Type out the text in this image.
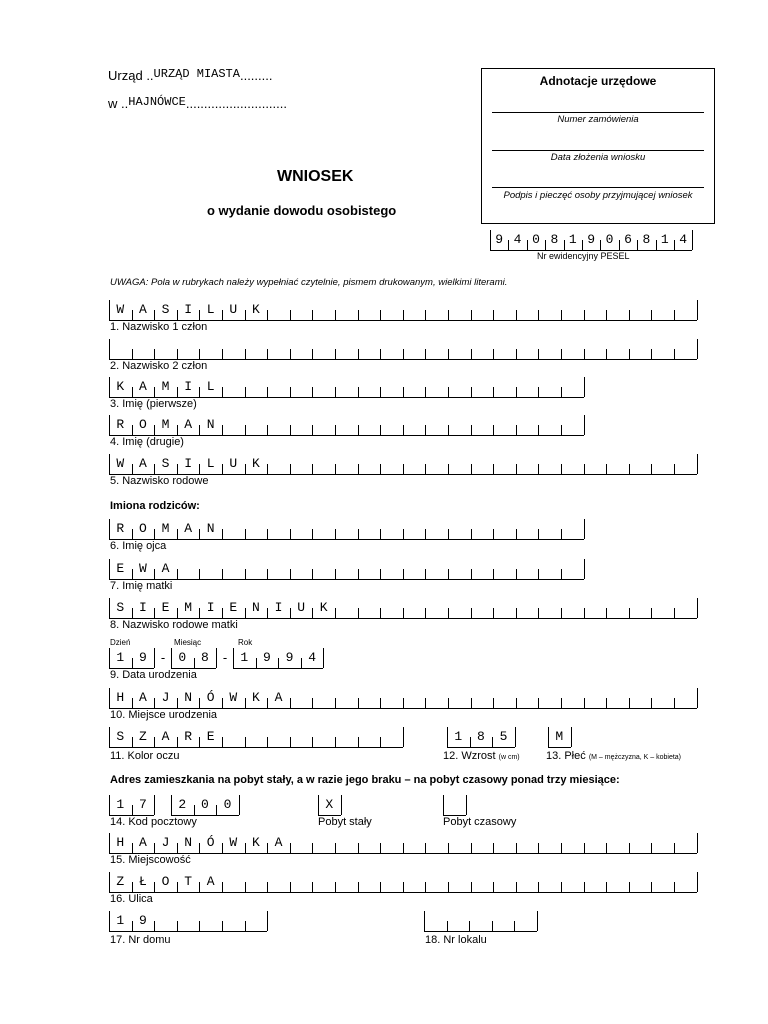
Urząd ..URZĄD MIASTA.........
w ..HAJNÓWCE............................
WNIOSEK
o wydanie dowodu osobistego
Adnotacje urzędowe
Numer zamówienia
Data złożenia wniosku
Podpis i pieczęć osoby przyjmującej wniosek
9 4 0 8 1 9 0 6 8 1 4
Nr ewidencyjny PESEL
UWAGA: Pola w rubrykach należy wypełniać czytelnie, pismem drukowanym, wielkimi literami.
W	A	S	I	L	U	K
1. Nazwisko 1 człon
2. Nazwisko 2 człon
K	A	M	I	L
3. Imię (pierwsze)
R	O	M	A	N
4. Imię (drugie)
W	A	S	I	L	U	K
5. Nazwisko rodowe
Imiona rodziców:
R	O	M	A	N
6. Imię ojca
E	W	A
7. Imię matki
S	I	E	M	I	E	N	I	U	K
8. Nazwisko rodowe matki
Dzień	Miesiąc	Rok
1	9	-	0	8	-	1	9	9	4
9. Data urodzenia
H	A	J	N	Ó	W	K	A
10. Miejsce urodzenia
S	Z	A	R	E
11. Kolor oczu
1	8	5
12. Wzrost (w cm)
M
13. Płeć (M – mężczyzna, K – kobieta)
Adres zamieszkania na pobyt stały, a w razie jego braku – na pobyt czasowy ponad trzy miesiące:
1	7	2	0	0
14. Kod pocztowy
X
Pobyt stały	Pobyt czasowy
H	A	J	N	Ó	W	K	A
15. Miejscowość
Z	Ł	O	T	A
16. Ulica
1	9
17. Nr domu	18. Nr lokalu
